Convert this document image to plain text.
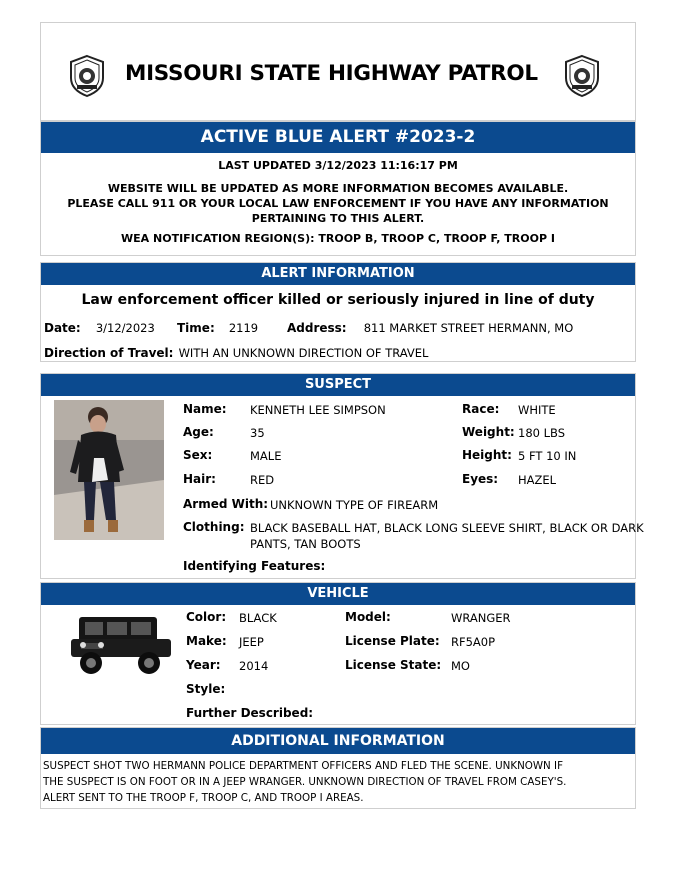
MISSOURI STATE HIGHWAY PATROL
ACTIVE BLUE ALERT #2023-2
LAST UPDATED 3/12/2023 11:16:17 PM
WEBSITE WILL BE UPDATED AS MORE INFORMATION BECOMES AVAILABLE.
PLEASE CALL 911 OR YOUR LOCAL LAW ENFORCEMENT IF YOU HAVE ANY INFORMATION
PERTAINING TO THIS ALERT.
WEA NOTIFICATION REGION(S): TROOP B, TROOP C, TROOP F, TROOP I
ALERT INFORMATION
Law enforcement officer killed or seriously injured in line of duty
Date: 3/12/2023 Time: 2119 Address: 811 MARKET STREET HERMANN, MO
Direction of Travel: WITH AN UNKNOWN DIRECTION OF TRAVEL
SUSPECT
Name: KENNETH LEE SIMPSON
Age:	35
Sex:	MALE
Hair:	RED
Race: WHITE
Weight: 180 LBS
Height: 5 FT 10 IN
Eyes: HAZEL
Armed With: UNKNOWN TYPE OF FIREARM
Clothing: BLACK BASEBALL HAT, BLACK LONG SLEEVE SHIRT, BLACK OR DARK
PANTS, TAN BOOTS
Identifying Features:
VEHICLE
Color: BLACK
Make: JEEP
Year: 2014
Style:
Further Described:
Model:	WRANGER
License Plate: RF5A0P
License State: MO
ADDITIONAL INFORMATION
SUSPECT SHOT TWO HERMANN POLICE DEPARTMENT OFFICERS AND FLED THE SCENE. UNKNOWN IF
THE SUSPECT IS ON FOOT OR IN A JEEP WRANGER. UNKNOWN DIRECTION OF TRAVEL FROM CASEY'S.
ALERT SENT TO THE TROOP F, TROOP C, AND TROOP I AREAS.
